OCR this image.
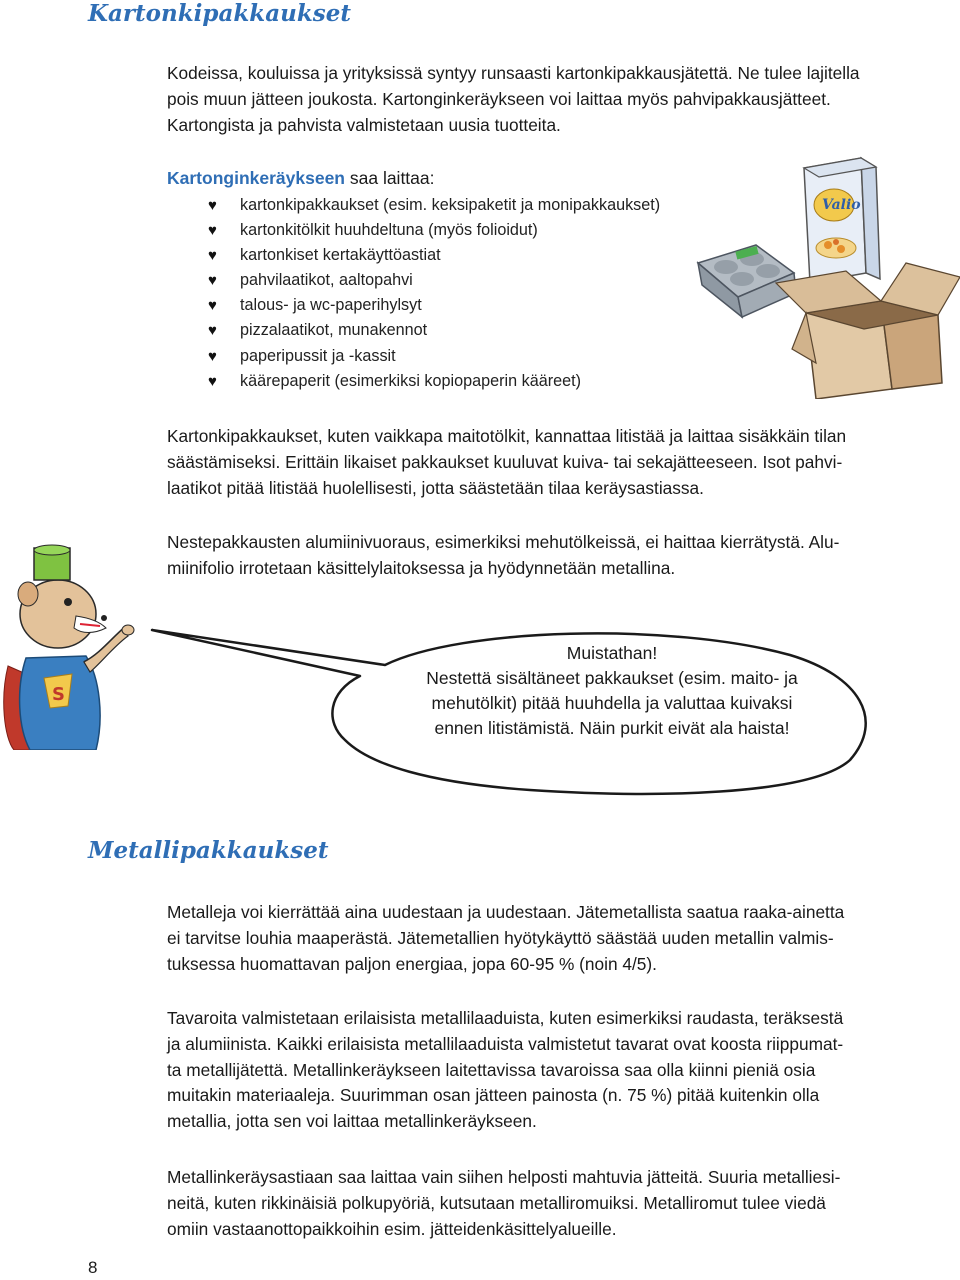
Kartonkipakkaukset
Kodeissa, kouluissa ja yrityksissä syntyy runsaasti kartonkipakkausjätettä. Ne tulee lajitella
pois muun jätteen joukosta. Kartonginkeräykseen voi laittaa myös pahvipakkausjätteet.
Kartongista ja pahvista valmistetaan uusia tuotteita.
Kartonginkeräykseen saa laittaa:
♥ kartonkipakkaukset (esim. keksipaketit ja monipakkaukset)
♥ kartonkitölkit huuhdeltuna (myös folioidut)
♥ kartonkiset kertakäyttöastiat
♥ pahvilaatikot, aaltopahvi
♥ talous- ja wc-paperihylsyt
♥ pizzalaatikot, munakennot
♥ paperipussit ja -kassit
♥ käärepaperit (esimerkiksi kopiopaperin kääreet)
Valio
Kartonkipakkaukset, kuten vaikkapa maitotölkit, kannattaa litistää ja laittaa sisäkkäin tilan
säästämiseksi. Erittäin likaiset pakkaukset kuuluvat kuiva- tai sekajätteeseen. Isot pahvi-
laatikot pitää litistää huolellisesti, jotta säästetään tilaa keräysastiassa.
Nestepakkausten alumiinivuoraus, esimerkiksi mehutölkeissä, ei haittaa kierrätystä. Alu-
miinifolio irrotetaan käsittelylaitoksessa ja hyödynnetään metallina.
S
Muistathan!
Nestettä sisältäneet pakkaukset (esim. maito- ja
mehutölkit) pitää huuhdella ja valuttaa kuivaksi
ennen litistämistä. Näin purkit eivät ala haista!
Metallipakkaukset
Metalleja voi kierrättää aina uudestaan ja uudestaan. Jätemetallista saatua raaka-ainetta
ei tarvitse louhia maaperästä. Jätemetallien hyötykäyttö säästää uuden metallin valmis-
tuksessa huomattavan paljon energiaa, jopa 60-95 % (noin 4/5).
Tavaroita valmistetaan erilaisista metallilaaduista, kuten esimerkiksi raudasta, teräksestä
ja alumiinista. Kaikki erilaisista metallilaaduista valmistetut tavarat ovat koosta riippumat-
ta metallijätettä. Metallinkeräykseen laitettavissa tavaroissa saa olla kiinni pieniä osia
muitakin materiaaleja. Suurimman osan jätteen painosta (n. 75 %) pitää kuitenkin olla
metallia, jotta sen voi laittaa metallinkeräykseen.
Metallinkeräysastiaan saa laittaa vain siihen helposti mahtuvia jätteitä. Suuria metalliesi-
neitä, kuten rikkinäisiä polkupyöriä, kutsutaan metalliromuiksi. Metalliromut tulee viedä
omiin vastaanottopaikkoihin esim. jätteidenkäsittelyalueille.
8
